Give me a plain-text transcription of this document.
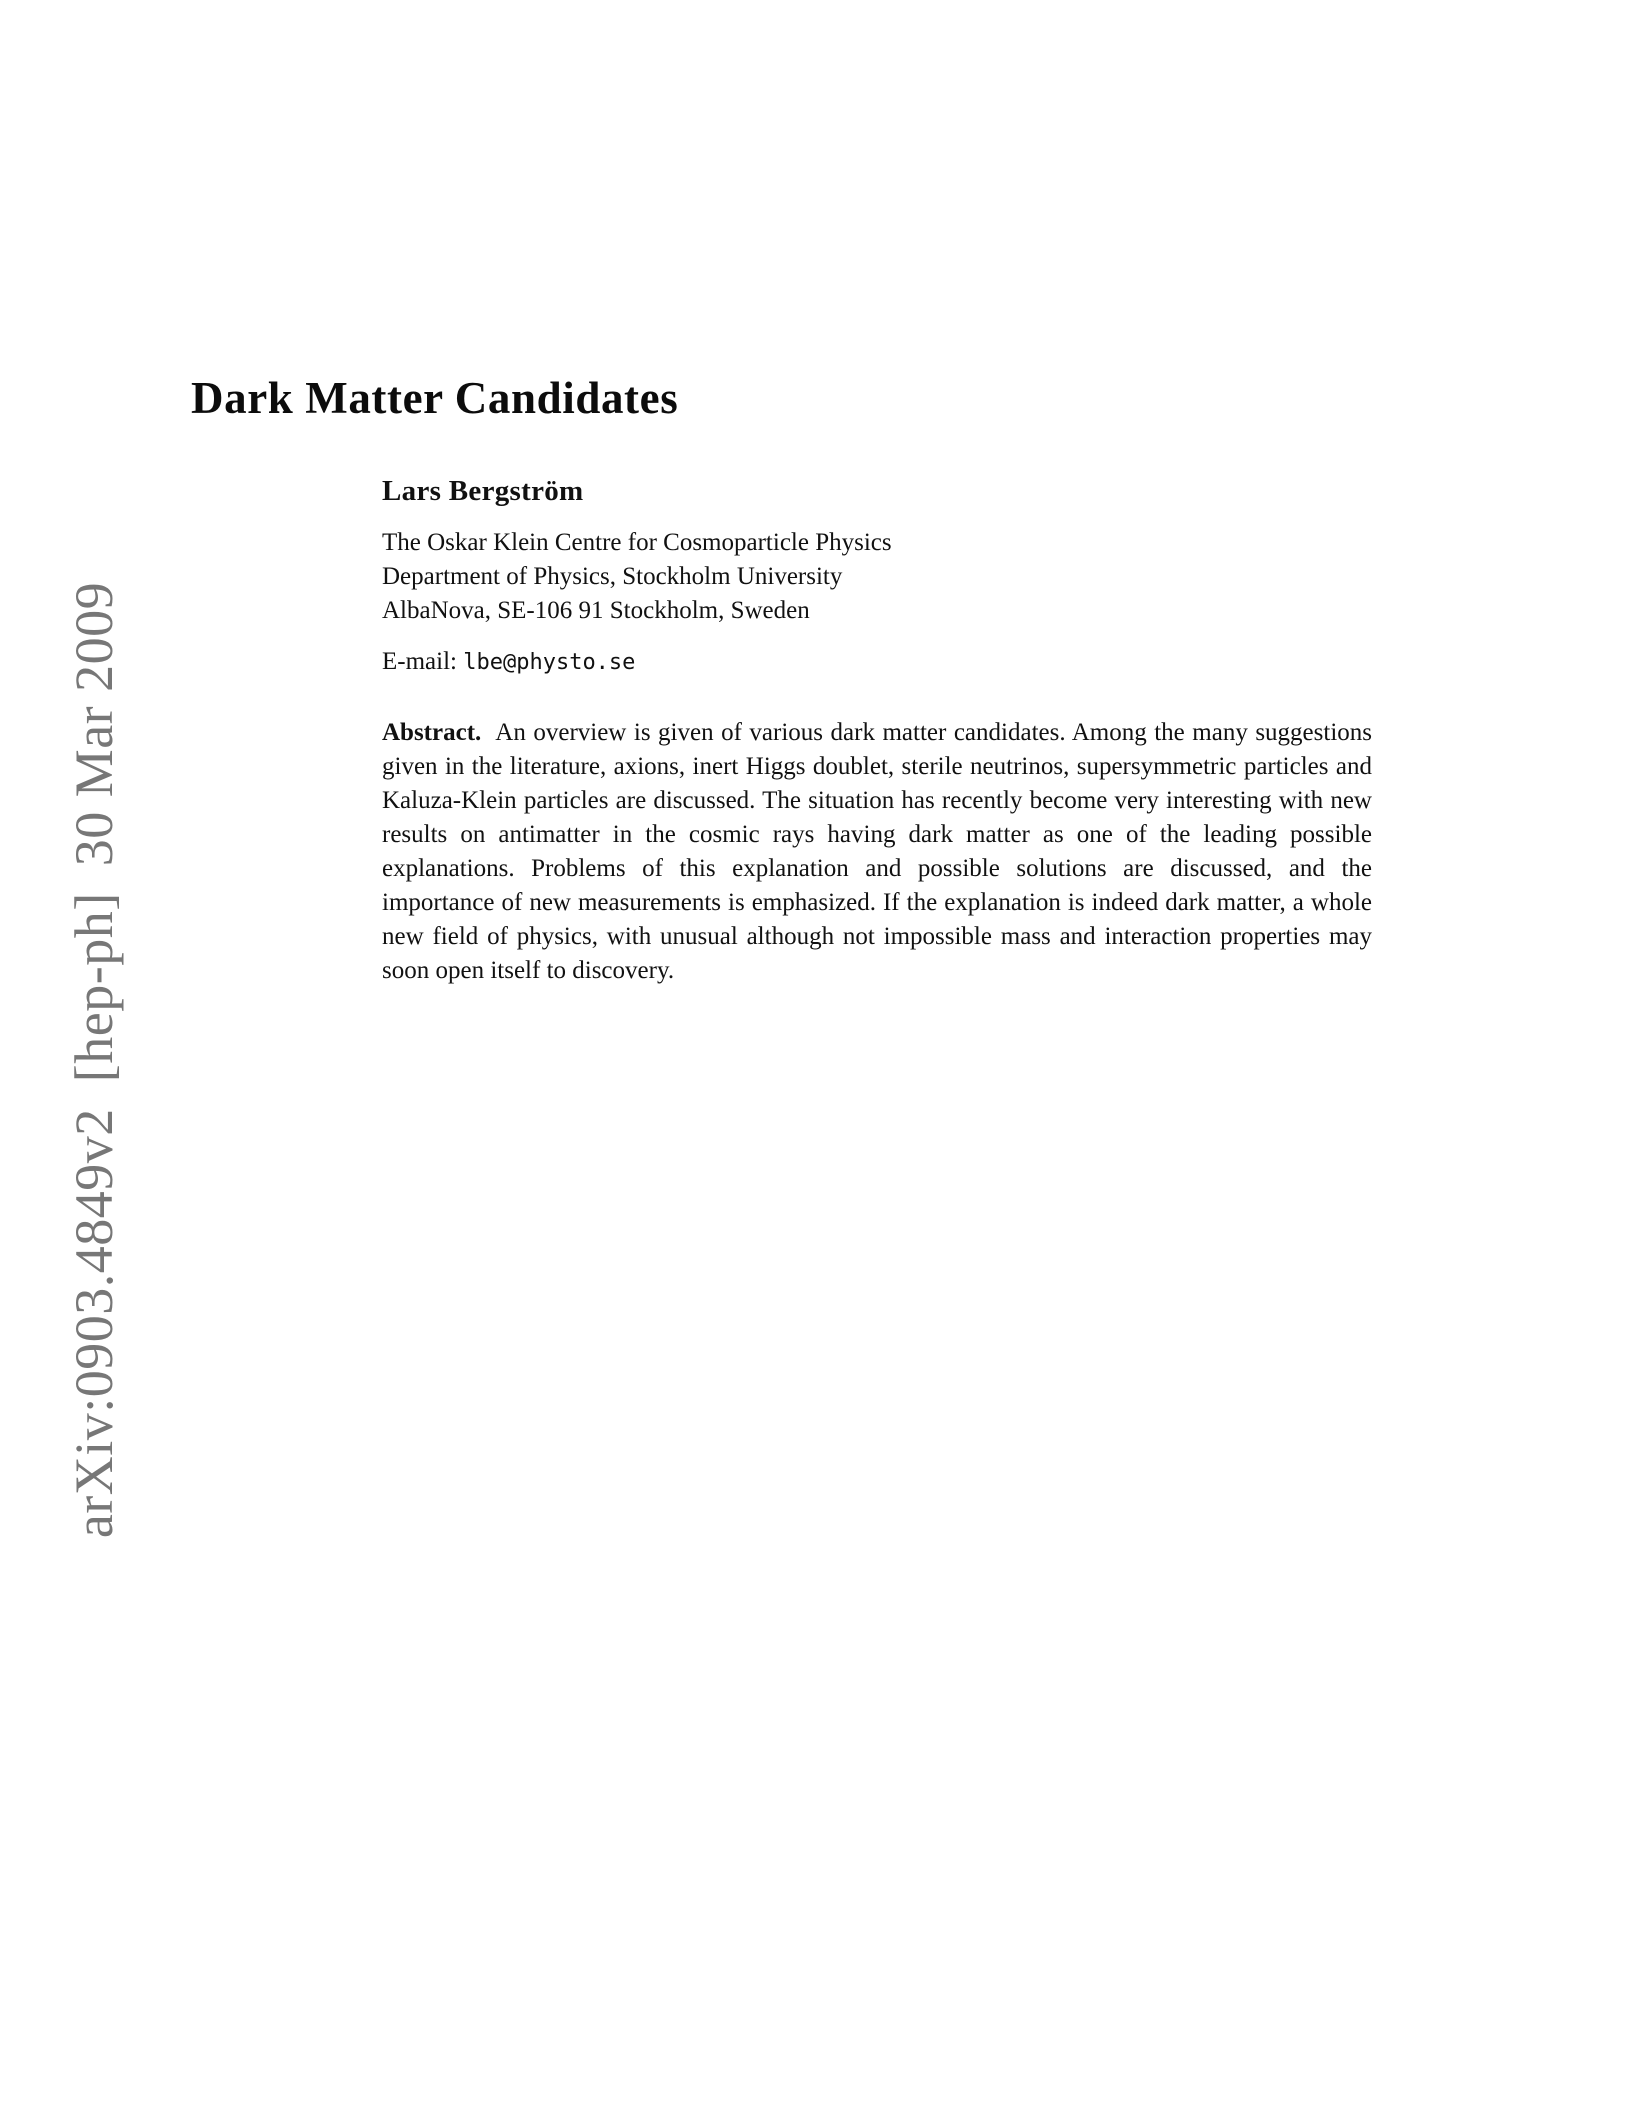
arXiv:0903.4849v2[hep-ph]30 Mar 2009
Dark Matter Candidates

Lars Bergström

The Oskar Klein Centre for Cosmoparticle Physics

Department of Physics, Stockholm University

AlbaNova, SE-106 91 Stockholm, Sweden

E-mail: lbe@physto.se

Abstract. An overview is given of various dark matter candidates. Among the many suggestions given in the literature, axions, inert Higgs doublet, sterile neutrinos, supersymmetric particles and Kaluza-Klein particles are discussed. The situation has recently become very interesting with new results on antimatter in the cosmic rays having dark matter as one of the leading possible explanations. Problems of this explanation and possible solutions are discussed, and the importance of new measurements is emphasized. If the explanation is indeed dark matter, a whole new field of physics, with unusual although not impossible mass and interaction properties may soon open itself to discovery.
